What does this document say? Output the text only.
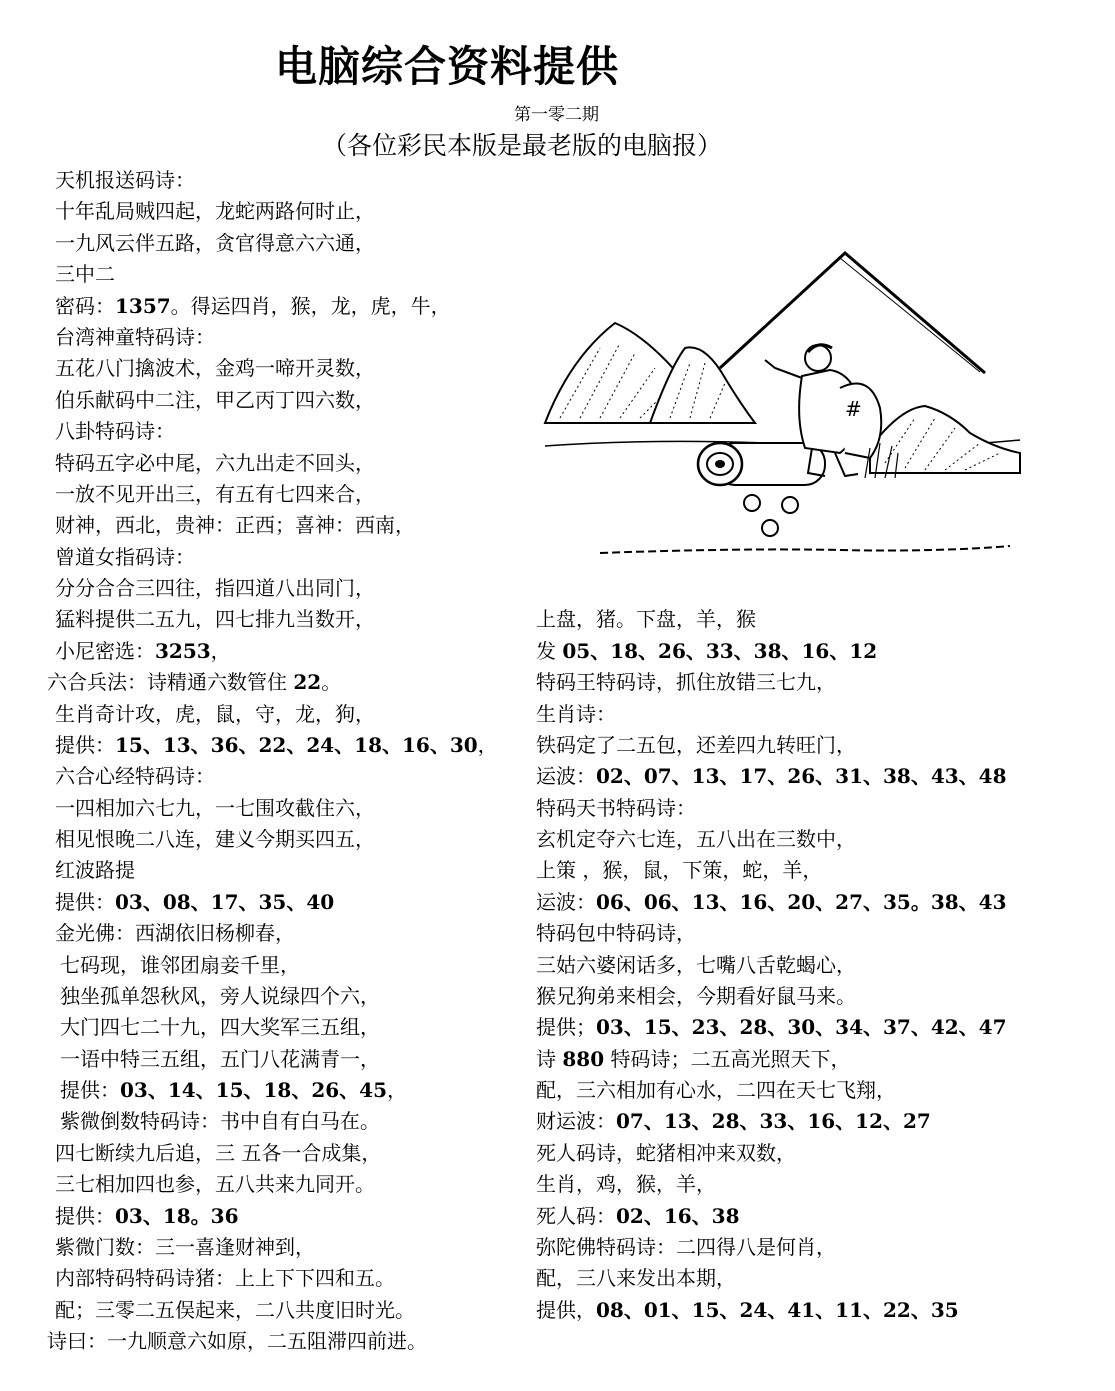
电脑综合资料提供
第一零二期
（各位彩民本版是最老版的电脑报）
天机报送码诗：
十年乱局贼四起，龙蛇两路何时止，
一九风云伴五路，贪官得意六六通，
三中二
密码：1357。得运四肖，猴，龙，虎，牛，
台湾神童特码诗：
五花八门擒波术，金鸡一啼开灵数，
伯乐献码中二注，甲乙丙丁四六数，
八卦特码诗：
特码五字必中尾，六九出走不回头，
一放不见开出三，有五有七四来合，
财神，西北，贵神：正西；喜神：西南，
曾道女指码诗：
分分合合三四往，指四道八出同门，
猛料提供二五九，四七排九当数开，
小尼密选：3253，
六合兵法：诗精通六数管住 22。
生肖奇计攻，虎，鼠，守，龙，狗，
提供：15、13、36、22、24、18、16、30，
六合心经特码诗：
一四相加六七九，一七围攻截住六，
相见恨晚二八连，建义今期买四五，
红波路提
提供：03、08、17、35、40
金光佛：西湖依旧杨柳春，
七码现，谁邻团扇妾千里，
独坐孤单怨秋风，旁人说绿四个六，
大门四七二十九，四大奖军三五组，
一语中特三五组，五门八花满青一，
提供：03、14、15、18、26、45，
紫微倒数特码诗：书中自有白马在。
四七断续九后追，三 五各一合成集，
三七相加四也参，五八共来九同开。
提供：03、18。36
紫微门数：三一喜逢财神到，
内部特码特码诗猪：上上下下四和五。
配；三零二五俣起来，二八共度旧时光。
诗曰：一九顺意六如原，二五阻滞四前进。
上盘，猪。下盘，羊，猴
发 05、18、26、33、38、16、12
特码王特码诗，抓住放错三七九，
生肖诗：
铁码定了二五包，还差四九转旺门，
运波：02、07、13、17、26、31、38、43、48
特码天书特码诗：
玄机定夺六七连，五八出在三数中，
上策 ，猴，鼠，下策，蛇，羊，
运波：06、06、13、16、20、27、35。38、43
特码包中特码诗，
三姑六婆闲话多，七嘴八舌乾蝎心，
猴兄狗弟来相会，今期看好鼠马来。
提供；03、15、23、28、30、34、37、42、47
诗 880 特码诗；二五高光照天下，
配，三六相加有心水，二四在天七飞翔，
财运波：07、13、28、33、16、12、27
死人码诗，蛇猪相冲来双数，
生肖，鸡，猴，羊，
死人码：02、16、38
弥陀佛特码诗：二四得八是何肖，
配，三八来发出本期，
提供，08、01、15、24、41、11、22、35
#
